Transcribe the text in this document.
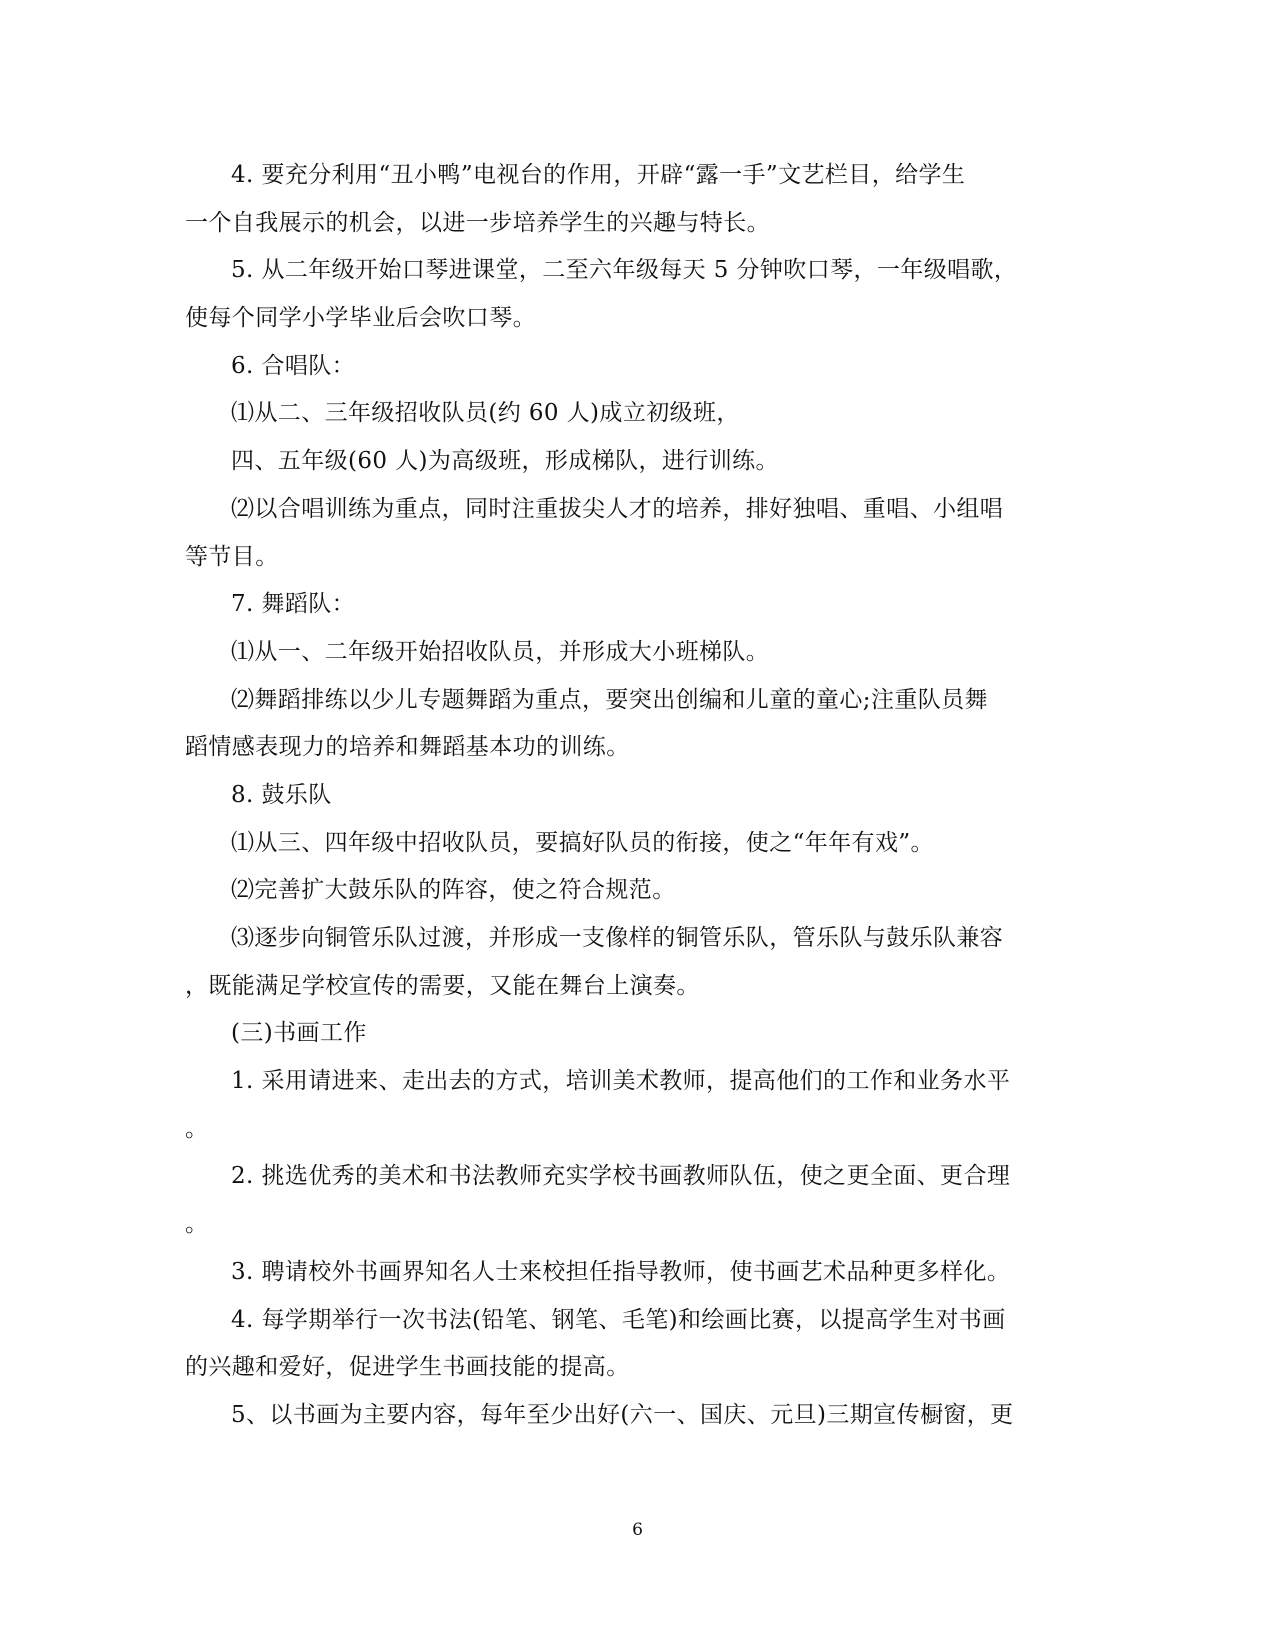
4. 要充分利用“丑小鸭”电视台的作用，开辟“露一手”文艺栏目，给学生
一个自我展示的机会，以进一步培养学生的兴趣与特长。
5. 从二年级开始口琴进课堂，二至六年级每天 5 分钟吹口琴，一年级唱歌，
使每个同学小学毕业后会吹口琴。
6. 合唱队：
⑴从二、三年级招收队员(约 60 人)成立初级班，
四、五年级(60 人)为高级班，形成梯队，进行训练。
⑵以合唱训练为重点，同时注重拔尖人才的培养，排好独唱、重唱、小组唱
等节目。
7. 舞蹈队：
⑴从一、二年级开始招收队员，并形成大小班梯队。
⑵舞蹈排练以少儿专题舞蹈为重点，要突出创编和儿童的童心;注重队员舞
蹈情感表现力的培养和舞蹈基本功的训练。
8. 鼓乐队
⑴从三、四年级中招收队员，要搞好队员的衔接，使之“年年有戏”。
⑵完善扩大鼓乐队的阵容，使之符合规范。
⑶逐步向铜管乐队过渡，并形成一支像样的铜管乐队，管乐队与鼓乐队兼容
，既能满足学校宣传的需要，又能在舞台上演奏。
(三)书画工作
1. 采用请进来、走出去的方式，培训美术教师，提高他们的工作和业务水平
。
2. 挑选优秀的美术和书法教师充实学校书画教师队伍，使之更全面、更合理
。
3. 聘请校外书画界知名人士来校担任指导教师，使书画艺术品种更多样化。
4. 每学期举行一次书法(铅笔、钢笔、毛笔)和绘画比赛，以提高学生对书画
的兴趣和爱好，促进学生书画技能的提高。
5、以书画为主要内容，每年至少出好(六一、国庆、元旦)三期宣传橱窗，更
6
